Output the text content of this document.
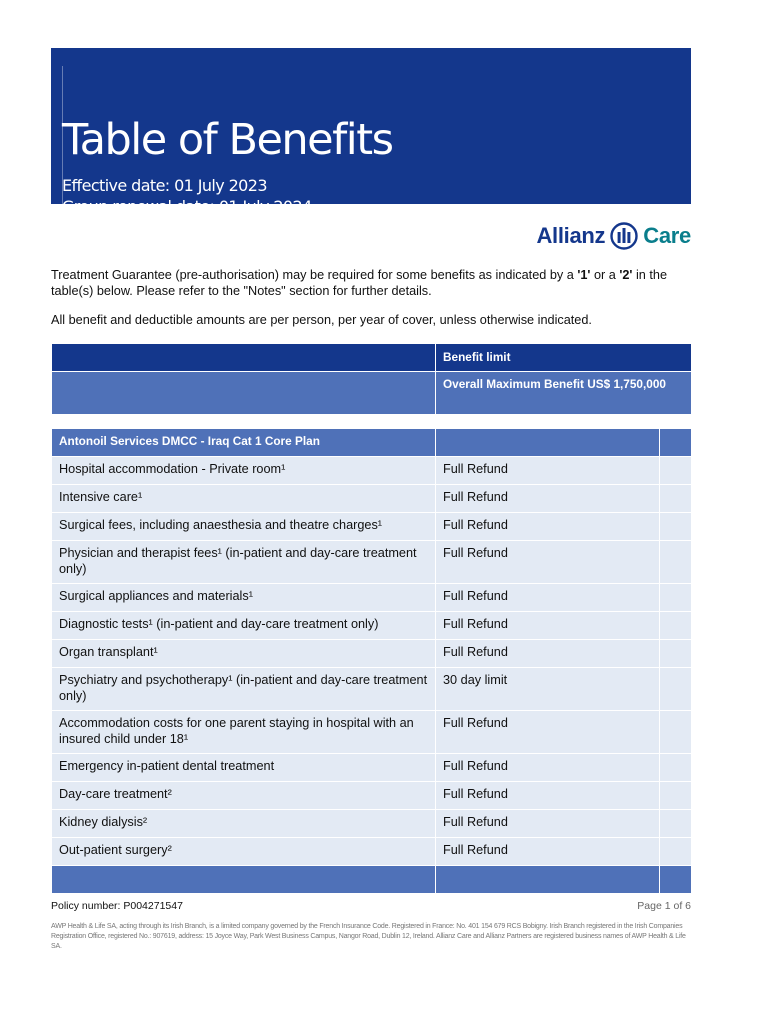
Table of Benefits
Effective date: 01 July 2023
Group renewal date: 01 July 2024
Allianz Care
Treatment Guarantee (pre-authorisation) may be required for some benefits as indicated by a '1' or a '2' in the table(s) below. Please refer to the "Notes" section for further details.
All benefit and deductible amounts are per person, per year of cover, unless otherwise indicated.
	Benefit limit
	Overall Maximum Benefit US$ 1,750,000
Antonoil Services DMCC - Iraq Cat 1 Core Plan		
Hospital accommodation - Private room¹	Full Refund	
Intensive care¹	Full Refund	
Surgical fees, including anaesthesia and theatre charges¹	Full Refund	
Physician and therapist fees¹ (in-patient and day-care treatment only)	Full Refund	
Surgical appliances and materials¹	Full Refund	
Diagnostic tests¹ (in-patient and day-care treatment only)	Full Refund	
Organ transplant¹	Full Refund	
Psychiatry and psychotherapy¹ (in-patient and day-care treatment only)	30 day limit	
Accommodation costs for one parent staying in hospital with an insured child under 18¹	Full Refund	
Emergency in-patient dental treatment	Full Refund	
Day-care treatment²	Full Refund	
Kidney dialysis²	Full Refund	
Out-patient surgery²	Full Refund	

Policy number: P004271547	Page 1 of 6
AWP Health & Life SA, acting through its Irish Branch, is a limited company governed by the French Insurance Code. Registered in France: No. 401 154 679 RCS Bobigny. Irish Branch registered in the Irish Companies Registration Office, registered No.: 907619, address: 15 Joyce Way, Park West Business Campus, Nangor Road, Dublin 12, Ireland. Allianz Care and Allianz Partners are registered business names of AWP Health & Life SA.
